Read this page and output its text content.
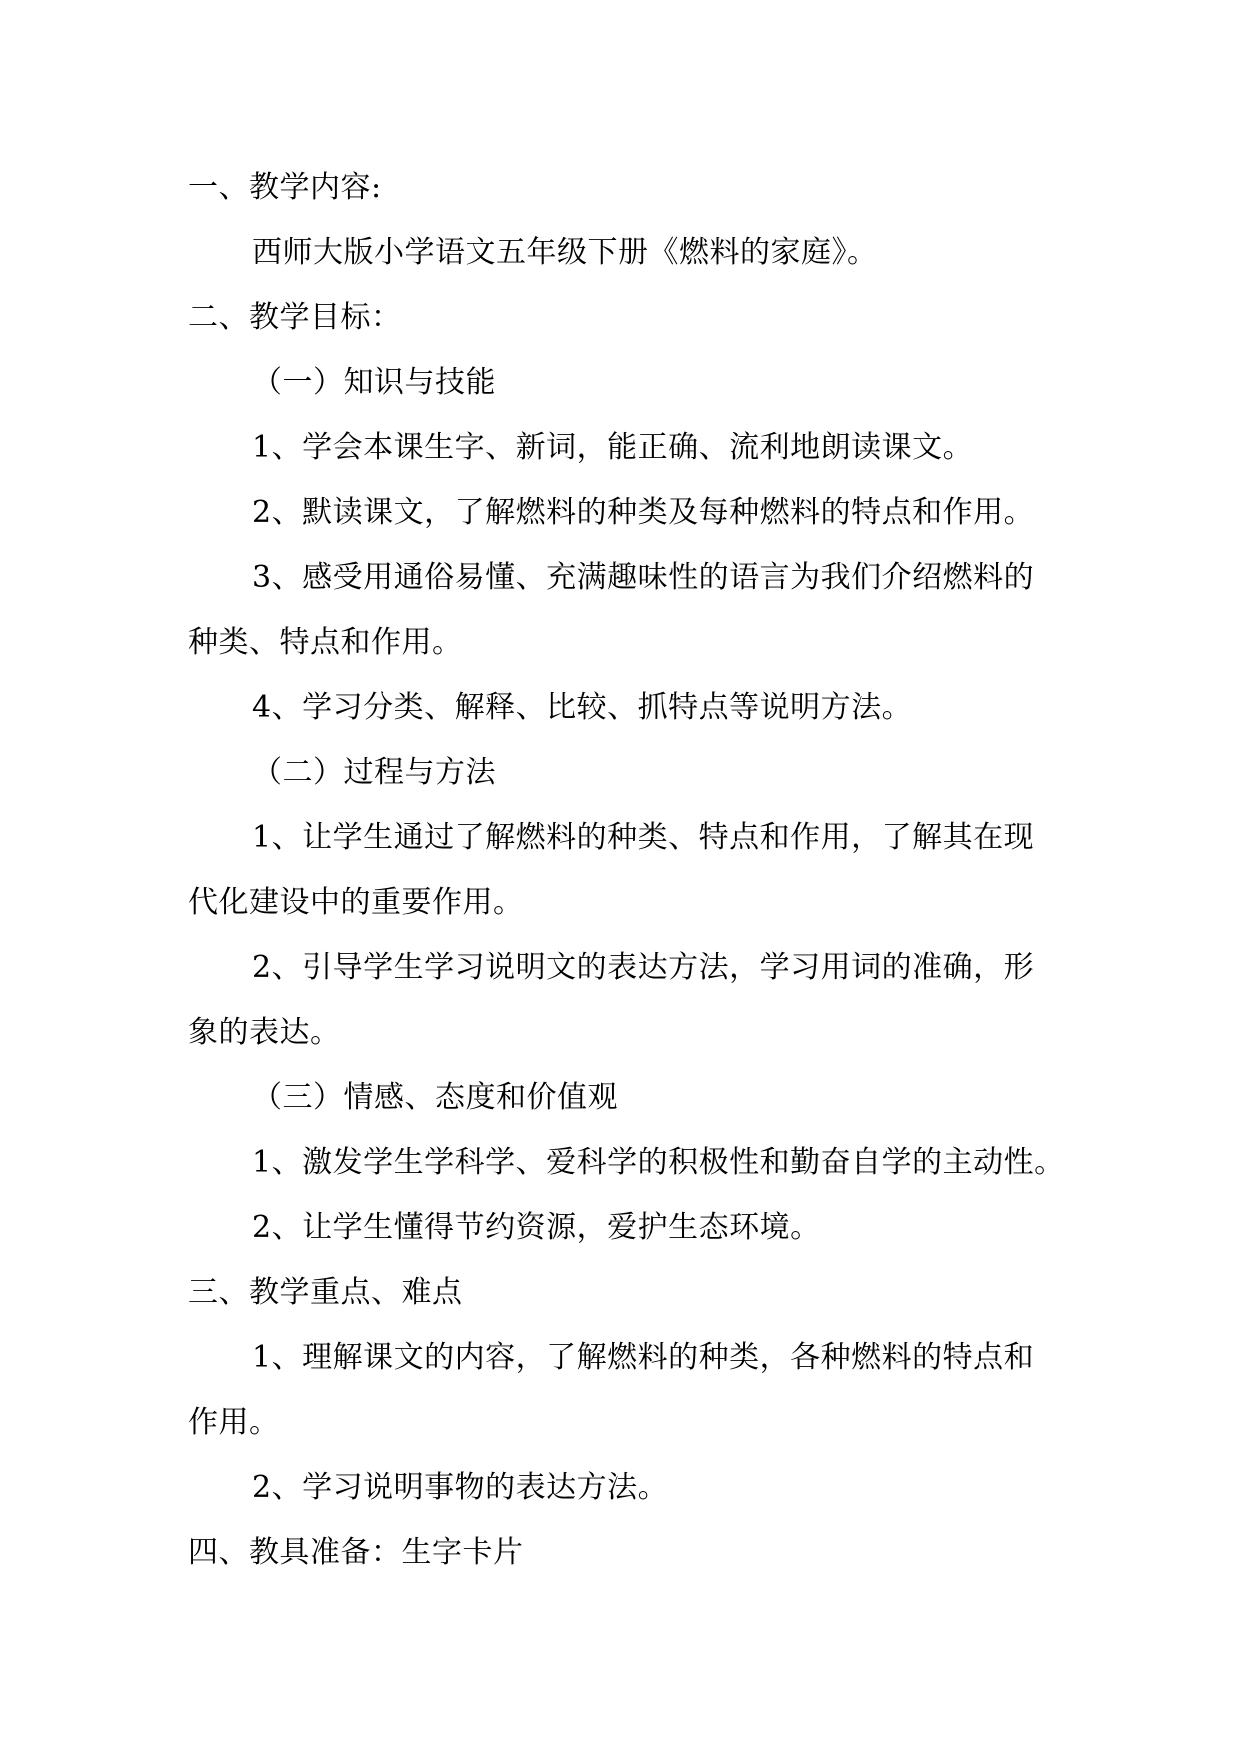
一、教学内容:
西师大版小学语文五年级下册《燃料的家庭》。
二、教学目标：
（一）知识与技能
1、学会本课生字、新词，能正确、流利地朗读课文。
2、默读课文，了解燃料的种类及每种燃料的特点和作用。
3、感受用通俗易懂、充满趣味性的语言为我们介绍燃料的
种类、特点和作用。
4、学习分类、解释、比较、抓特点等说明方法。
（二）过程与方法
1、让学生通过了解燃料的种类、特点和作用，了解其在现
代化建设中的重要作用。
2、引导学生学习说明文的表达方法，学习用词的准确，形
象的表达。
（三）情感、态度和价值观
1、激发学生学科学、爱科学的积极性和勤奋自学的主动性。
2、让学生懂得节约资源，爱护生态环境。
三、教学重点、难点
1、理解课文的内容，了解燃料的种类，各种燃料的特点和
作用。
2、学习说明事物的表达方法。
四、教具准备：生字卡片
